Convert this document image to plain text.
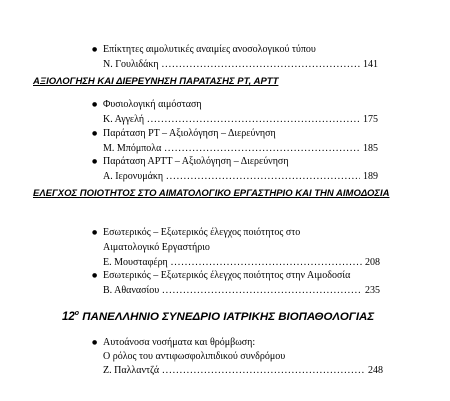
● Επίκτητες αιμολυτικές αναιμίες ανοσολογικού τύπου
Ν. Γουλιδάκη .....	141
ΑΞΙΟΛΟΓΗΣΗ ΚΑΙ ΔΙΕΡΕΥΝΗΣΗ ΠΑΡΑΤΑΣΗΣ ΡΤ, ΑΡΤΤ
● Φυσιολογική αιμόσταση
Κ. Αγγελή .....	175
● Παράταση ΡΤ – Αξιολόγηση – Διερεύνηση
Μ. Μπόμπολα .....	185
● Παράταση ΑΡΤΤ – Αξιολόγηση – Διερεύνηση
Α. Ιερονυμάκη .....	189
ΕΛΕΓΧΟΣ ΠΟΙΟΤΗΤΟΣ ΣΤΟ ΑΙΜΑΤΟΛΟΓΙΚΟ ΕΡΓΑΣΤΗΡΙΟ ΚΑΙ ΤΗΝ ΑΙΜΟΔΟΣΙΑ
● Εσωτερικός – Εξωτερικός έλεγχος ποιότητος στο
Αιματολογικό Εργαστήριο
Ε. Μουσταφέρη .....	208
● Εσωτερικός – Εξωτερικός έλεγχος ποιότητος στην Αιμοδοσία
Β. Αθανασίου .....	235
$12^o$ ΠΑΝΕΛΛΗΝΙΟ ΣΥΝΕΔΡΙΟ ΙΑΤΡΙΚΗΣ ΒΙΟΠΑΘΟΛΟΓΙΑΣ
● Αυτοάνοσα νοσήματα και θρόμβωση:
Ο ρόλος του αντιφωσφολιπιδικού συνδρόμου
Ζ. Παλλαντζά .....	248
